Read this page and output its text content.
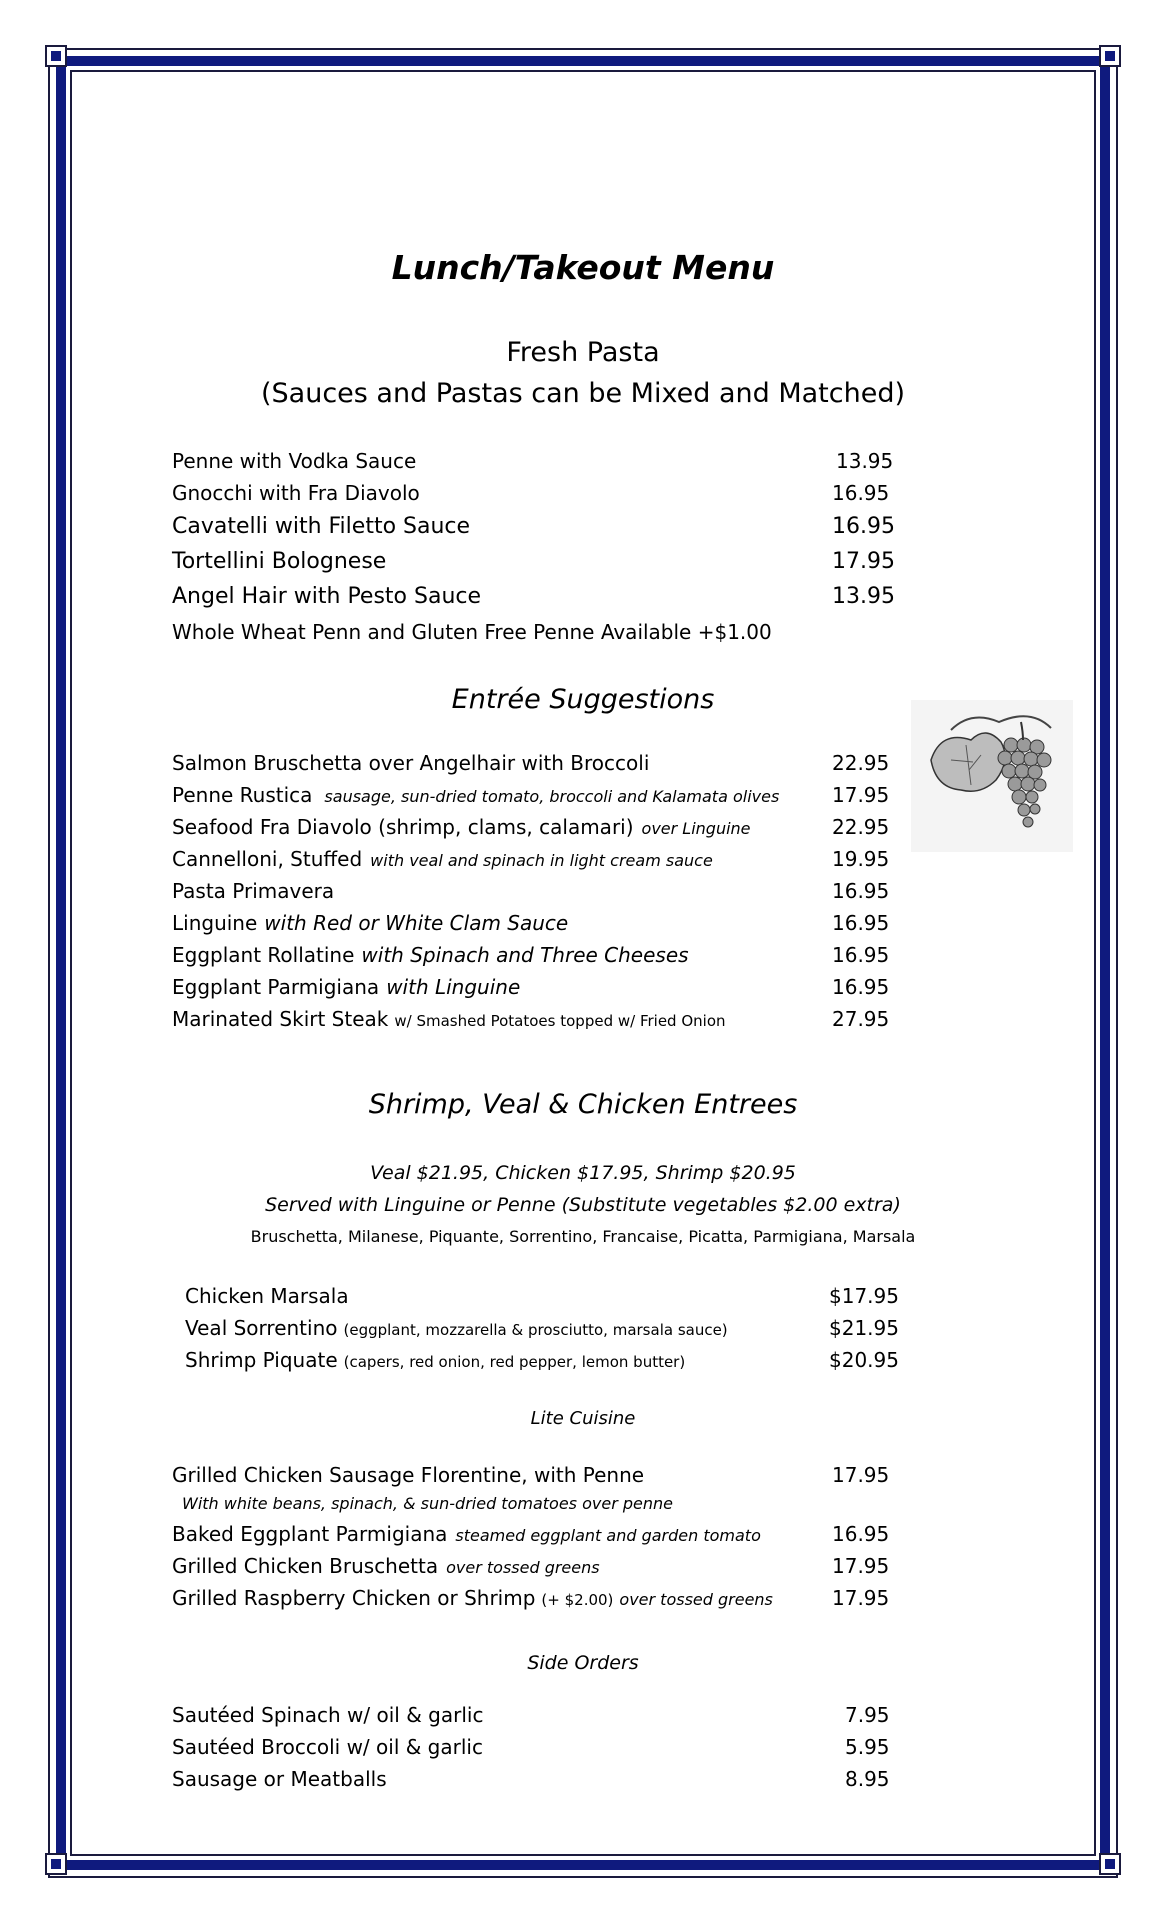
Lunch/Takeout Menu
Fresh Pasta
(Sauces and Pastas can be Mixed and Matched)
Penne with Vodka Sauce	13.95
Gnocchi with Fra Diavolo	16.95
Cavatelli with Filetto Sauce	16.95
Tortellini Bolognese	17.95
Angel Hair with Pesto Sauce	13.95
Whole Wheat Penn and Gluten Free Penne Available +$1.00
Entrée Suggestions
Salmon Bruschetta over Angelhair with Broccoli	22.95
Penne Rustica sausage, sun-dried tomato, broccoli and Kalamata olives	17.95
Seafood Fra Diavolo (shrimp, clams, calamari) over Linguine	22.95
Cannelloni, Stuffed with veal and spinach in light cream sauce	19.95
Pasta Primavera	16.95
Linguine with Red or White Clam Sauce	16.95
Eggplant Rollatine with Spinach and Three Cheeses	16.95
Eggplant Parmigiana with Linguine	16.95
Marinated Skirt Steak w/ Smashed Potatoes topped w/ Fried Onion	27.95
Shrimp, Veal & Chicken Entrees
Veal $21.95, Chicken $17.95, Shrimp $20.95
Served with Linguine or Penne (Substitute vegetables $2.00 extra)
Bruschetta, Milanese, Piquante, Sorrentino, Francaise, Picatta, Parmigiana, Marsala
Chicken Marsala	$17.95
Veal Sorrentino (eggplant, mozzarella & prosciutto, marsala sauce)	$21.95
Shrimp Piquate (capers, red onion, red pepper, lemon butter)	$20.95
Lite Cuisine
Grilled Chicken Sausage Florentine, with Penne	17.95
With white beans, spinach, & sun-dried tomatoes over penne
Baked Eggplant Parmigiana steamed eggplant and garden tomato	16.95
Grilled Chicken Bruschetta over tossed greens	17.95
Grilled Raspberry Chicken or Shrimp (+ $2.00) over tossed greens	17.95
Side Orders
Sautéed Spinach w/ oil & garlic	7.95
Sautéed Broccoli w/ oil & garlic	5.95
Sausage or Meatballs	8.95
